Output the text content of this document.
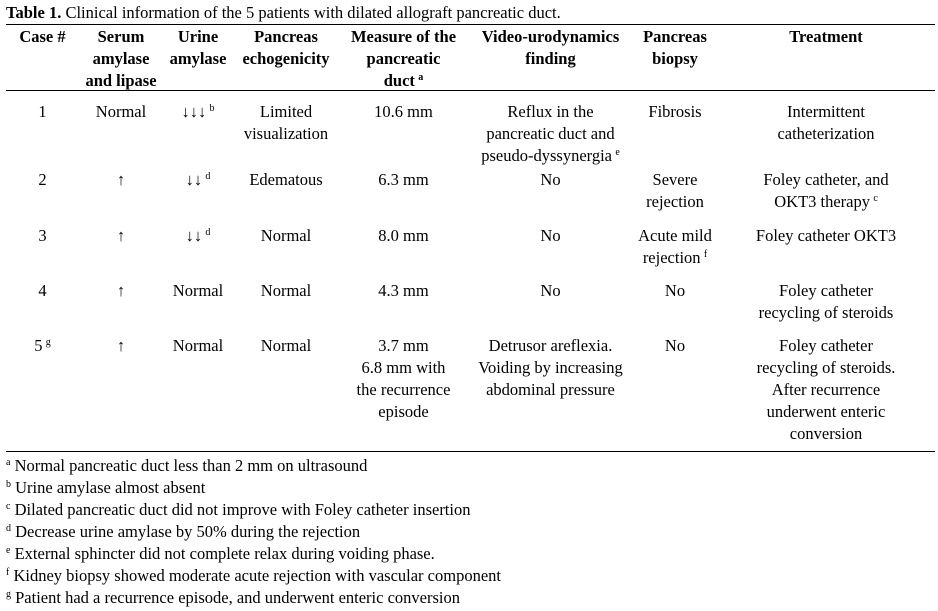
Table 1. Clinical information of the 5 patients with dilated allograft pancreatic duct.
Case #	Serum
amylase
and lipase	Urine
amylase	Pancreas
echogenicity	Measure of the
pancreatic
duct  $^a$	Video-urodynamics
finding	Pancreas
biopsy	Treatment
1	Normal	↓↓↓  $^b$	Limited
visualization	10.6 mm	Reflux in the
pancreatic duct and
pseudo-dyssynergia  $^e$	Fibrosis	Intermittent
catheterization
2	↑	↓↓  $^d$	Edematous	6.3 mm	No	Severe
rejection	Foley catheter, and
OKT3 therapy  $^c$
3	↑	↓↓  $^d$	Normal	8.0 mm	No	Acute mild
rejection  $^f$	Foley catheter OKT3
4	↑	Normal	Normal	4.3 mm	No	No	Foley catheter
recycling of steroids
5  $^g$	↑	Normal	Normal	3.7 mm
6.8 mm with
the recurrence
episode	Detrusor areflexia.
Voiding by increasing
abdominal pressure	No	Foley catheter
recycling of steroids.
After recurrence
underwent enteric
conversion
$^a$ Normal pancreatic duct less than 2 mm on ultrasound
$^b$ Urine amylase almost absent
$^c$ Dilated pancreatic duct did not improve with Foley catheter insertion
$^d$ Decrease urine amylase by 50% during the rejection
$^e$ External sphincter did not complete relax during voiding phase.
$^f$ Kidney biopsy showed moderate acute rejection with vascular component
$^g$ Patient had a recurrence episode, and underwent enteric conversion
